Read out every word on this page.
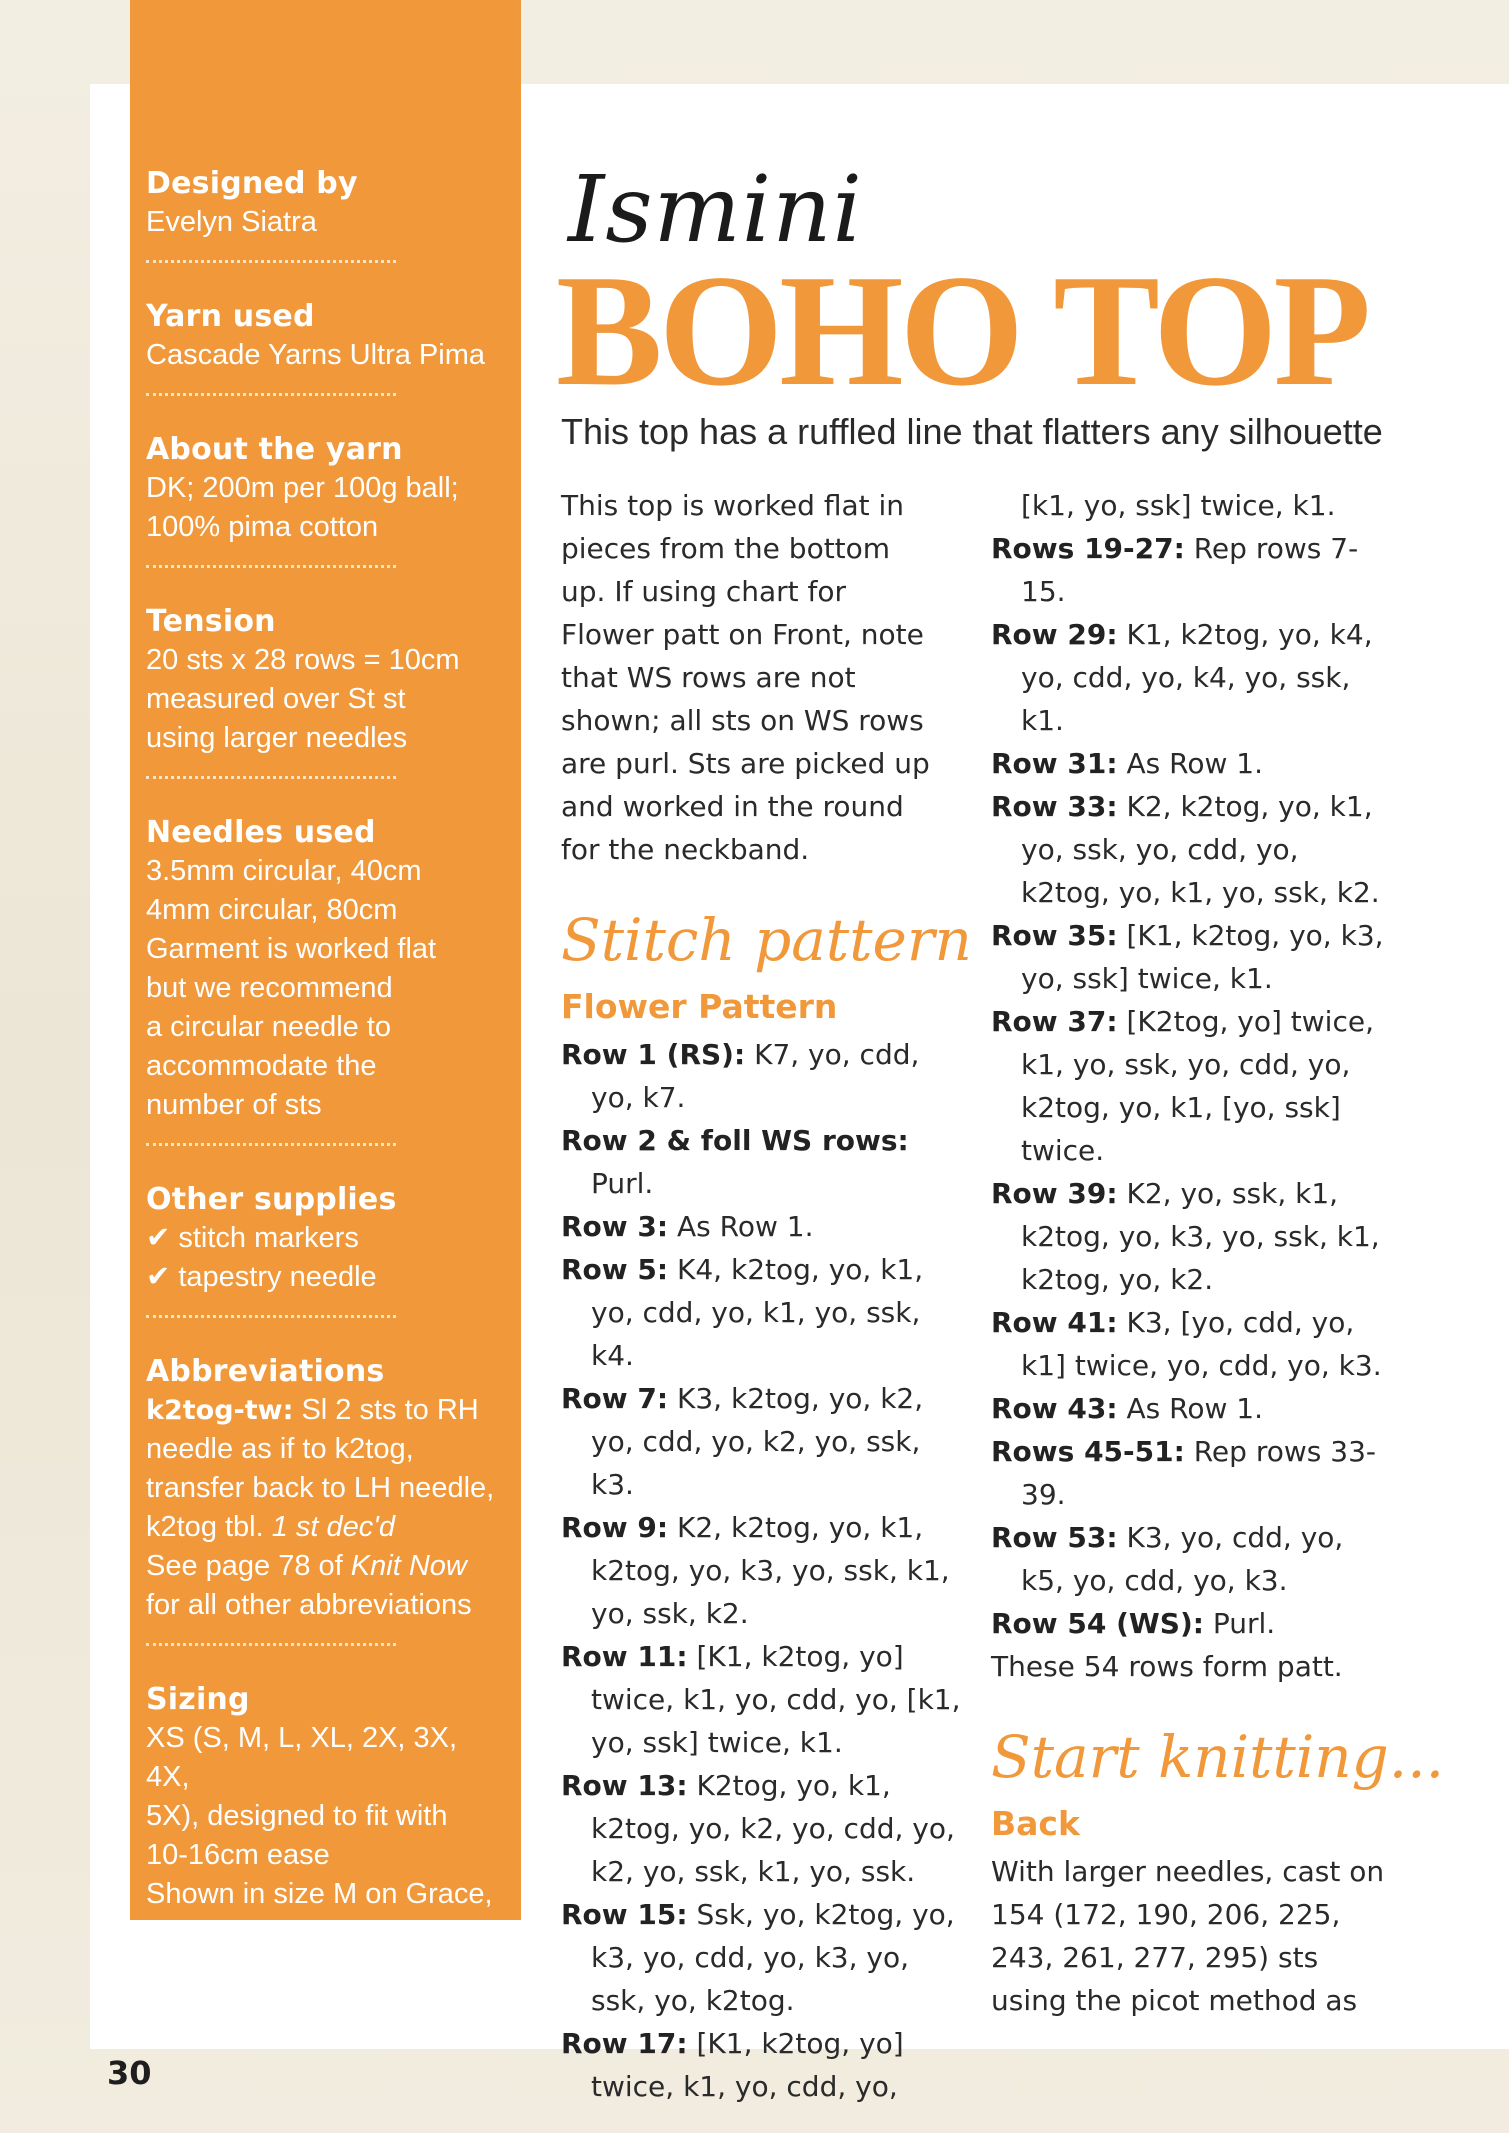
Designed by

Evelyn Siatra

Yarn used

Cascade Yarns Ultra Pima

About the yarn

DK; 200m per 100g ball;

100% pima cotton

Tension

20 sts x 28 rows = 10cm

measured over St st

using larger needles

Needles used

3.5mm circular, 40cm

4mm circular, 80cm

Garment is worked flat

but we recommend

a circular needle to

accommodate the

number of sts

Other supplies

✔ stitch markers

✔ tapestry needle

Abbreviations

k2tog-tw: Sl 2 sts to RH

needle as if to k2tog,

transfer back to LH needle,

k2tog tbl. 1 st dec'd

See page 78 of Knit Now

for all other abbreviations

Sizing

XS (S, M, L, XL, 2X, 3X, 4X,

5X), designed to fit with

10-16cm ease

Shown in size M on Grace,

who is a UK size 8

Ismini
BOHO TOP
This top has a ruffled line that flatters any silhouette

This top is worked flat in

pieces from the bottom

up. If using chart for

Flower patt on Front, note

that WS rows are not

shown; all sts on WS rows

are purl. Sts are picked up

and worked in the round

for the neckband.

Stitch pattern
Flower Pattern

Row 1 (RS): K7, yo, cdd, yo, k7.

Row 2 & foll WS rows: Purl.

Row 3: As Row 1.

Row 5: K4, k2tog, yo, k1, yo, cdd, yo, k1, yo, ssk, k4.

Row 7: K3, k2tog, yo, k2, yo, cdd, yo, k2, yo, ssk, k3.

Row 9: K2, k2tog, yo, k1, k2tog, yo, k3, yo, ssk, k1, yo, ssk, k2.

Row 11: [K1, k2tog, yo] twice, k1, yo, cdd, yo, [k1, yo, ssk] twice, k1.

Row 13: K2tog, yo, k1, k2tog, yo, k2, yo, cdd, yo, k2, yo, ssk, k1, yo, ssk.

Row 15: Ssk, yo, k2tog, yo, k3, yo, cdd, yo, k3, yo, ssk, yo, k2tog.

Row 17: [K1, k2tog, yo] twice, k1, yo, cdd, yo,

[k1, yo, ssk] twice, k1.

Rows 19-27: Rep rows 7-15.

Row 29: K1, k2tog, yo, k4, yo, cdd, yo, k4, yo, ssk, k1.

Row 31: As Row 1.

Row 33: K2, k2tog, yo, k1, yo, ssk, yo, cdd, yo, k2tog, yo, k1, yo, ssk, k2.

Row 35: [K1, k2tog, yo, k3, yo, ssk] twice, k1.

Row 37: [K2tog, yo] twice, k1, yo, ssk, yo, cdd, yo, k2tog, yo, k1, [yo, ssk] twice.

Row 39: K2, yo, ssk, k1, k2tog, yo, k3, yo, ssk, k1, k2tog, yo, k2.

Row 41: K3, [yo, cdd, yo, k1] twice, yo, cdd, yo, k3.

Row 43: As Row 1.

Rows 45-51: Rep rows 33-39.

Row 53: K3, yo, cdd, yo, k5, yo, cdd, yo, k3.

Row 54 (WS): Purl.

These 54 rows form patt.

Start knitting...
Back

With larger needles, cast on 154 (172, 190, 206, 225, 243, 261, 277, 295) sts using the picot method as

30
